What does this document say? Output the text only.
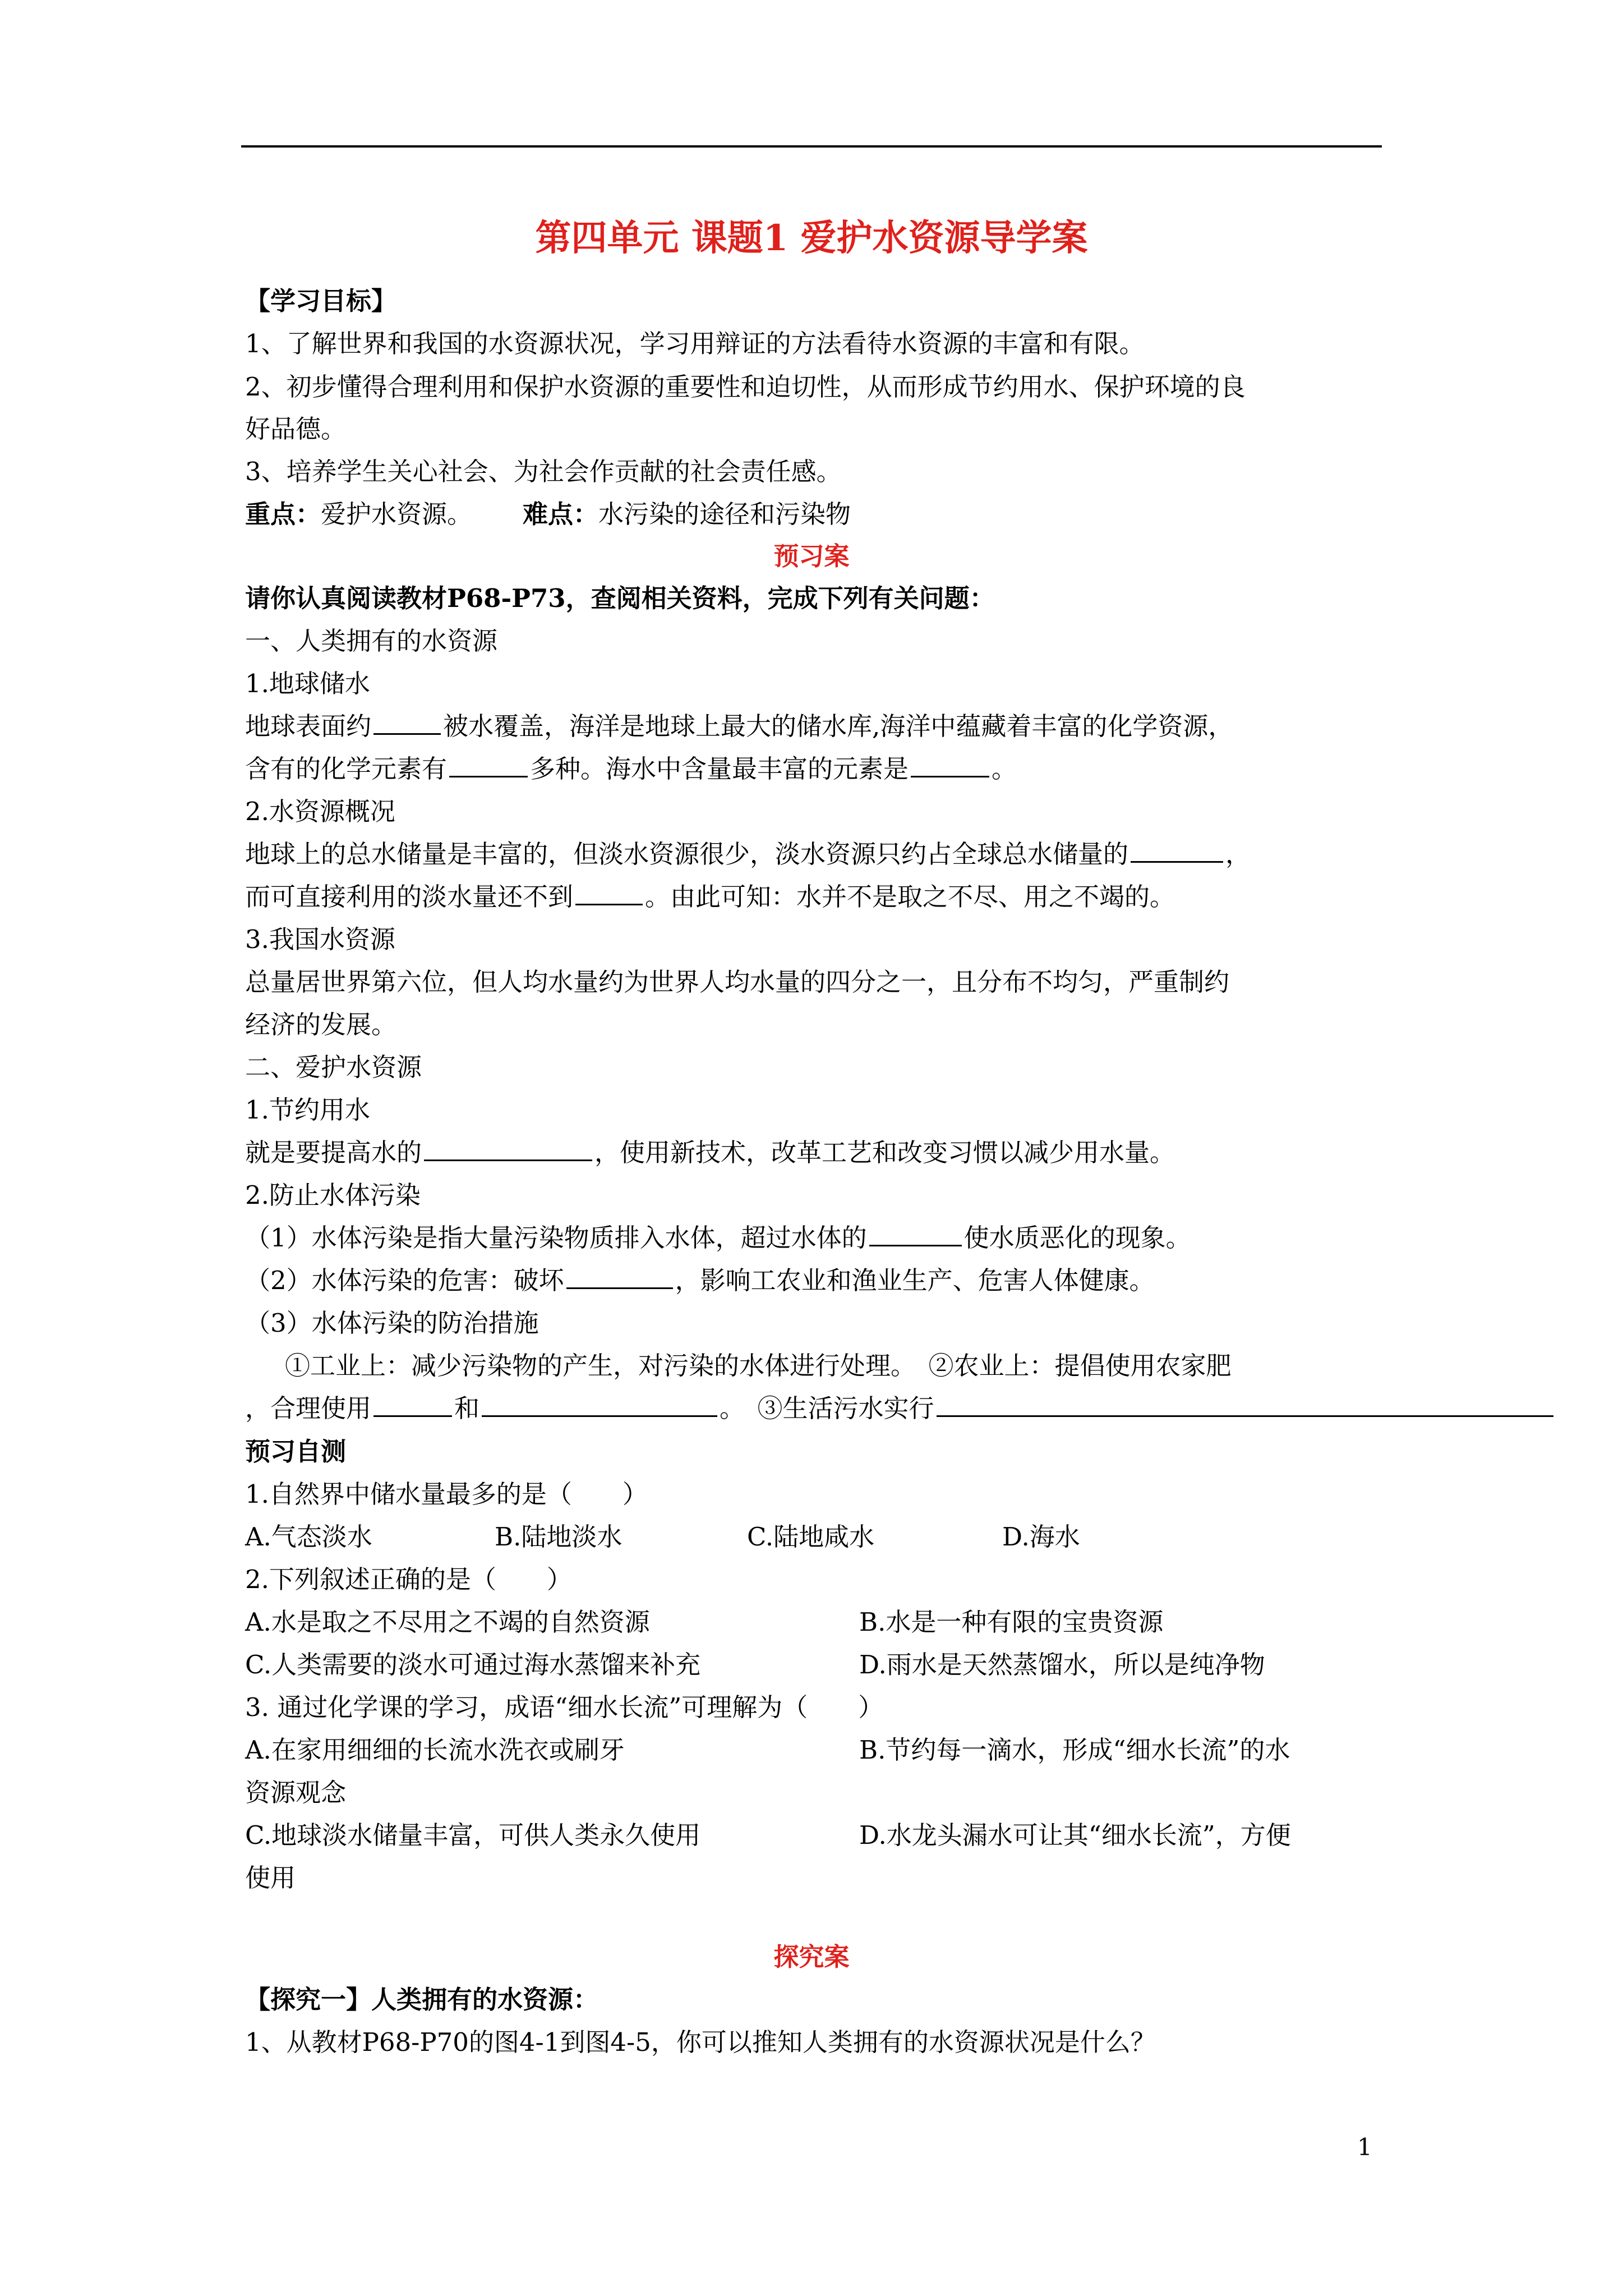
第四单元 课题1 爱护水资源导学案
【学习目标】
1、了解世界和我国的水资源状况，学习用辩证的方法看待水资源的丰富和有限。
2、初步懂得合理利用和保护水资源的重要性和迫切性，从而形成节约用水、保护环境的良
好品德。
3、培养学生关心社会、为社会作贡献的社会责任感。
重点：爱护水资源。 难点：水污染的途径和污染物
预习案
请你认真阅读教材P68-P73，查阅相关资料，完成下列有关问题：
一、人类拥有的水资源
1.地球储水
地球表面约	被水覆盖，海洋是地球上最大的储水库,海洋中蕴藏着丰富的化学资源，
含有的化学元素有	多种。海水中含量最丰富的元素是	。
2.水资源概况
地球上的总水储量是丰富的，但淡水资源很少，淡水资源只约占全球总水储量的	，
而可直接利用的淡水量还不到	。由此可知：水并不是取之不尽、用之不竭的。
3.我国水资源
总量居世界第六位，但人均水量约为世界人均水量的四分之一，且分布不均匀，严重制约
经济的发展。
二、爱护水资源
1.节约用水
就是要提高水的	，使用新技术，改革工艺和改变习惯以减少用水量。
2.防止水体污染
（1）水体污染是指大量污染物质排入水体，超过水体的	使水质恶化的现象。
（2）水体污染的危害：破坏	，影响工农业和渔业生产、危害人体健康。
（3）水体污染的防治措施
①工业上：减少污染物的产生，对污染的水体进行处理。　②农业上：提倡使用农家肥
，合理使用	和	。　③生活污水实行
预习自测
1.自然界中储水量最多的是（　　）
A.气态淡水	B.陆地淡水	C.陆地咸水	D.海水
2.下列叙述正确的是（　　）
A.水是取之不尽用之不竭的自然资源	B.水是一种有限的宝贵资源
C.人类需要的淡水可通过海水蒸馏来补充	D.雨水是天然蒸馏水，所以是纯净物
3. 通过化学课的学习，成语“细水长流”可理解为（　　）
A.在家用细细的长流水洗衣或刷牙	B.节约每一滴水，形成“细水长流”的水
资源观念
C.地球淡水储量丰富，可供人类永久使用	D.水龙头漏水可让其“细水长流”，方便
使用
探究案
【探究一】人类拥有的水资源：
1、从教材P68-P70的图4-1到图4-5，你可以推知人类拥有的水资源状况是什么？
1
